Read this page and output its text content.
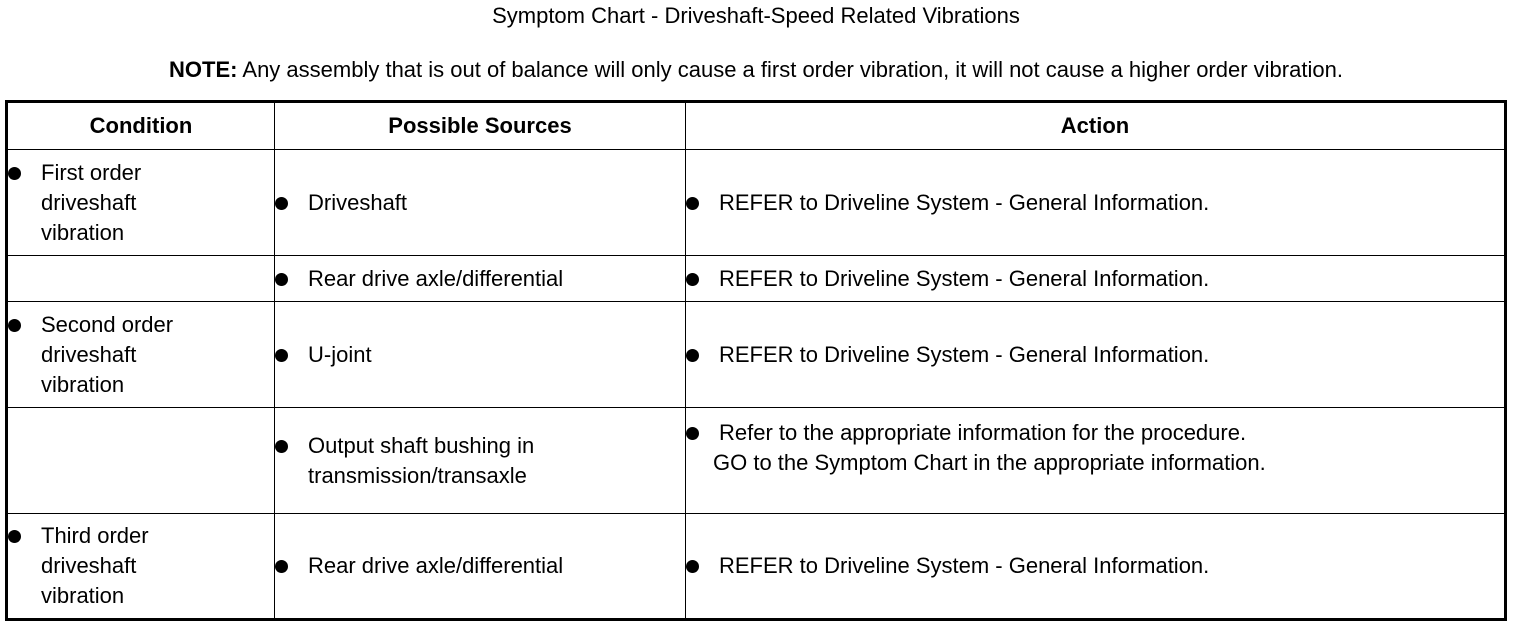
Symptom Chart - Driveshaft-Speed Related Vibrations
NOTE: Any assembly that is out of balance will only cause a first order vibration, it will not cause a higher order vibration.
Condition	Possible Sources	Action

First order driveshaft vibration	Driveshaft	REFER to Driveline System - General Information.

	Rear drive axle/differential	REFER to Driveline System - General Information.

Second order driveshaft vibration	U-joint	REFER to Driveline System - General Information.

	Output shaft bushing in transmission/transaxle	Refer to the appropriate information for the procedure.
GO to the Symptom Chart in the appropriate information.

Third order driveshaft vibration	Rear drive axle/differential	REFER to Driveline System - General Information.
